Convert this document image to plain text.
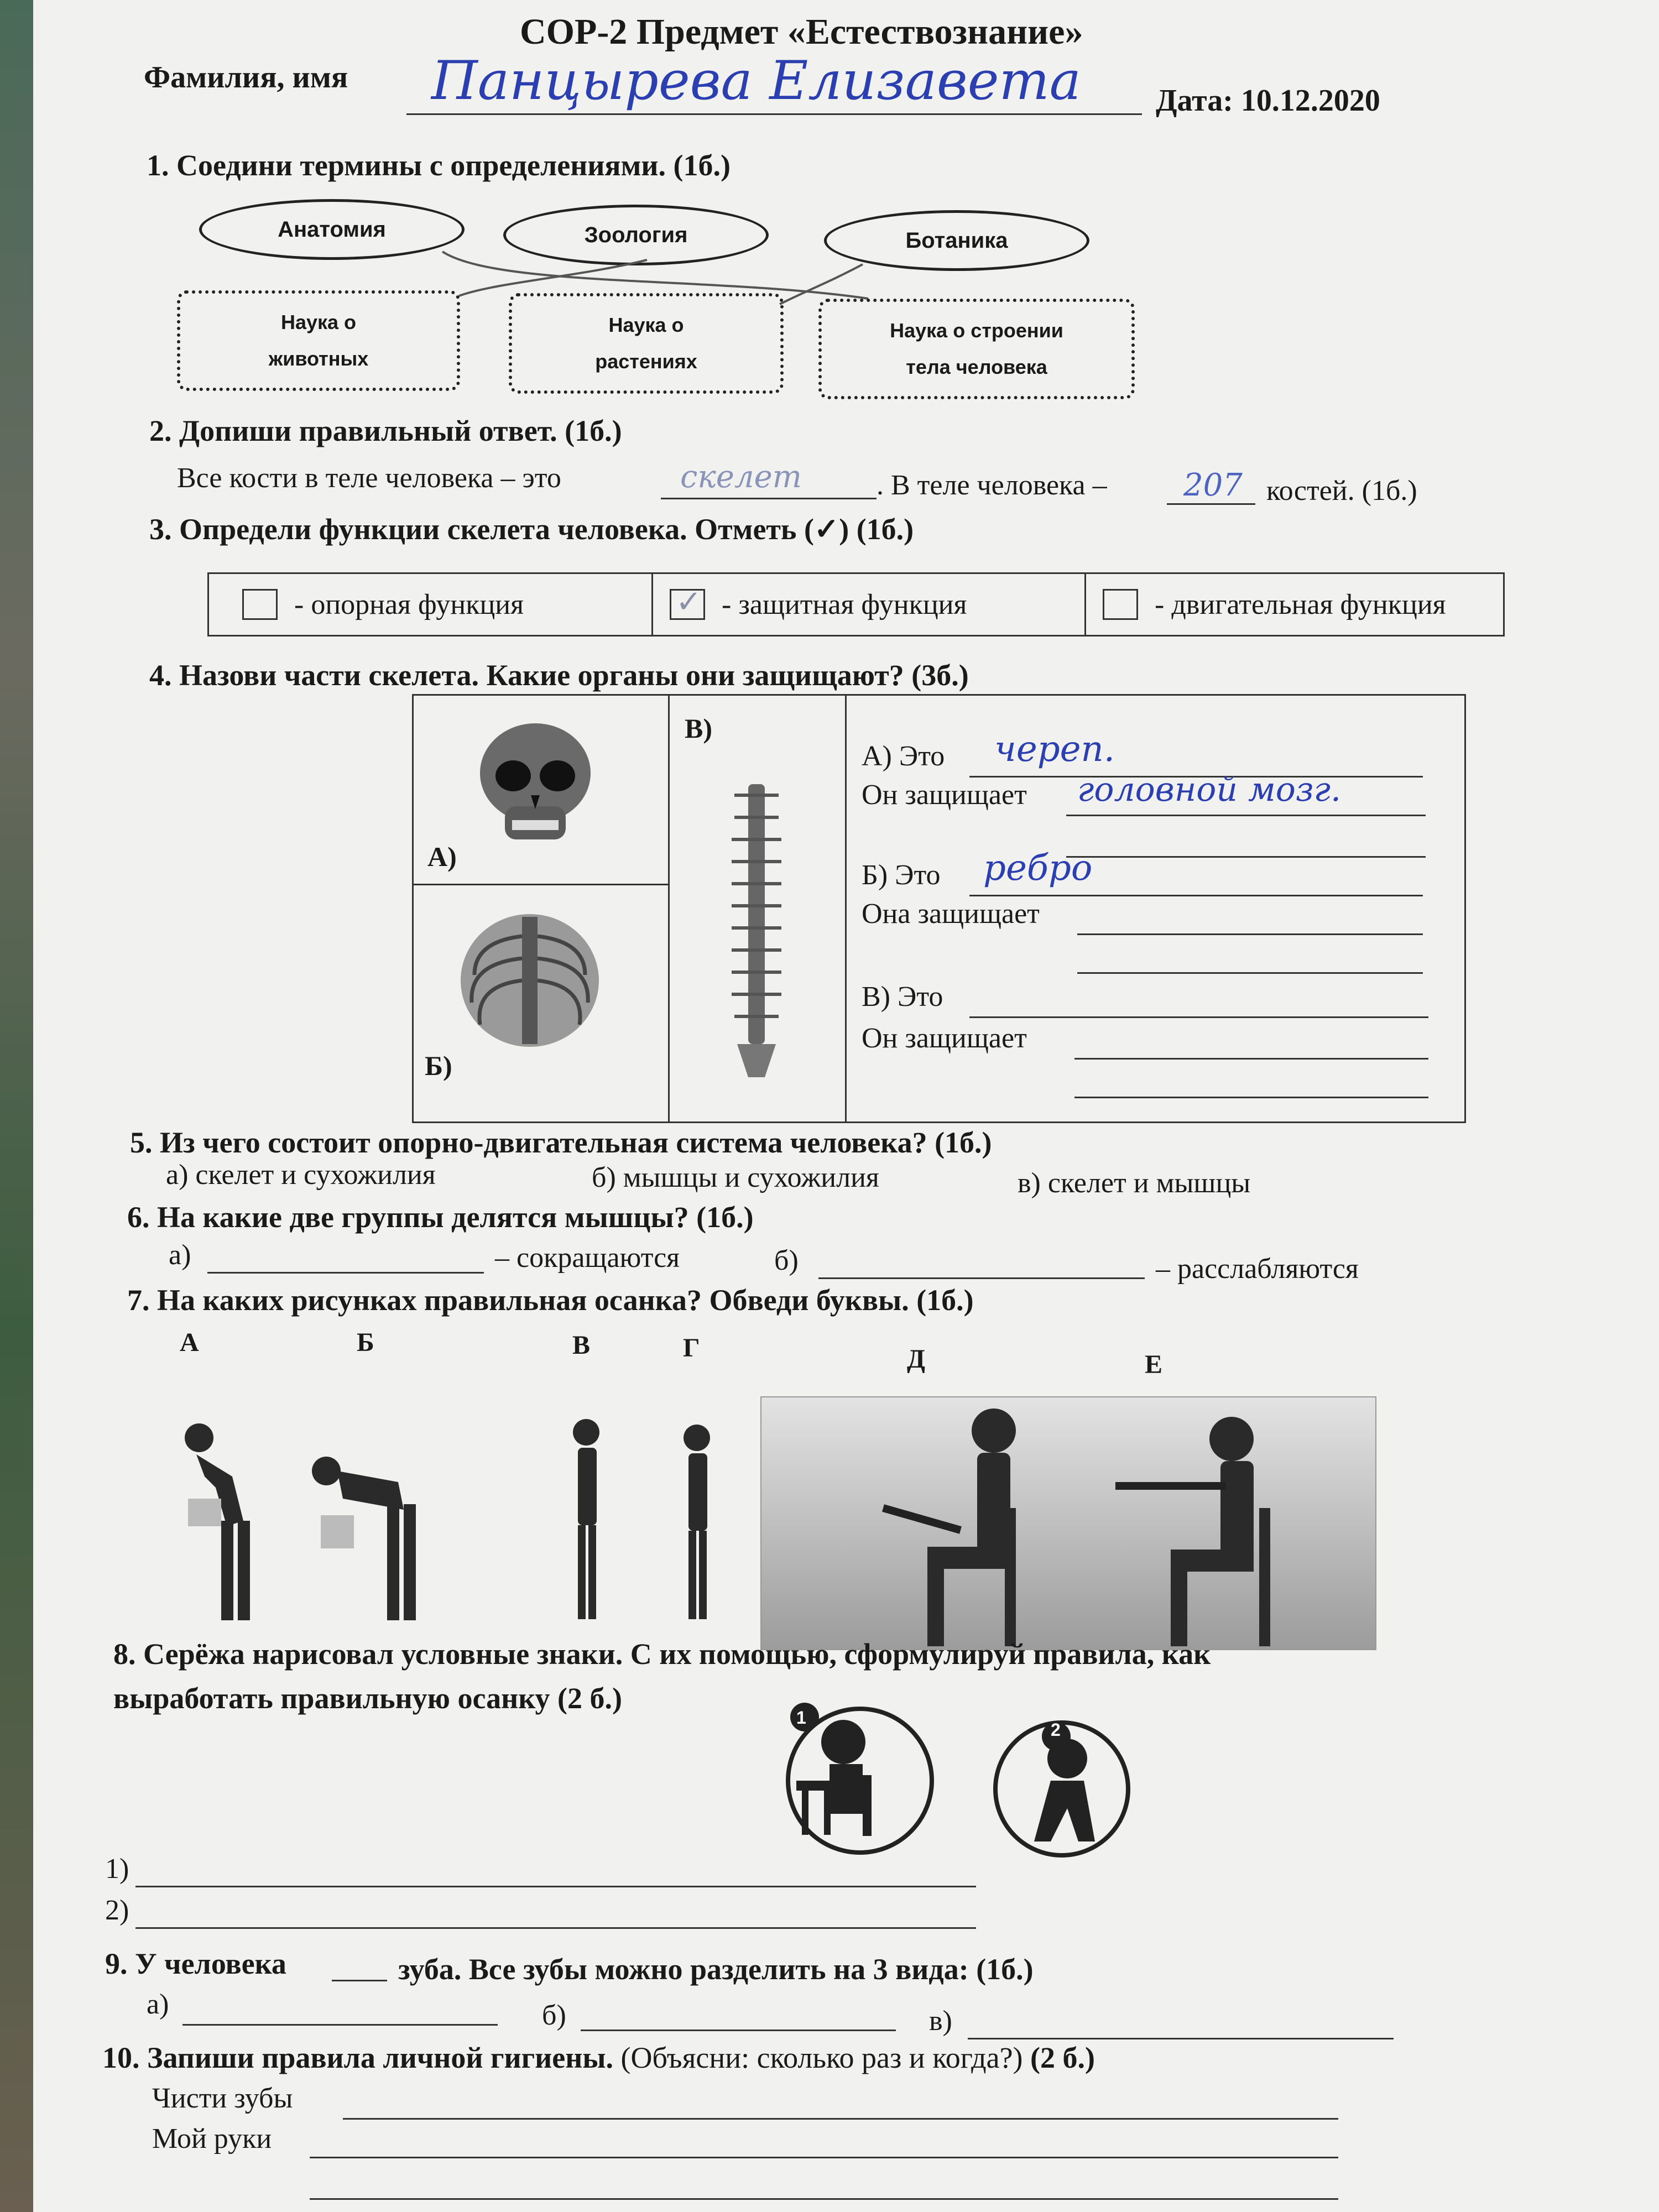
СОР-2 Предмет «Естествознание»
Фамилия, имя Панцырева Елизавета Дата: 10.12.2020
1. Соедини термины с определениями. (1б.)
Анатомия	Зоология	Ботаника
Наука о
животных
Наука о
растениях
Наука о строении
тела человека
2. Допиши правильный ответ. (1б.)
Все кости в теле человека – это	скелет	. В теле человека – 207 костей. (1б.)
3. Определи функции скелета человека. Отметь (✓) (1б.)
- опорная функция	✓ - защитная функция	- двигательная функция
4. Назови части скелета. Какие органы они защищают? (3б.)
А)
Б)
В)
А) Это череп.
Он защищает головной мозг.
Б) Это ребро
Она защищает
В) Это
Он защищает
5. Из чего состоит опорно-двигательная система человека? (1б.)
а) скелет и сухожилия	б) мышцы и сухожилия	в) скелет и мышцы
6. На какие две группы делятся мышцы? (1б.)
а)	– сокращаются	б)	– расслабляются
7. На каких рисунках правильная осанка? Обведи буквы. (1б.)
А	Б	В	Г	Д	Е
8. Серёжа нарисовал условные знаки. С их помощью, сформулируй правила, как
выработать правильную осанку (2 б.)
1
2
1)
2)
9. У человека	зуба. Все зубы можно разделить на 3 вида: (1б.)
а)	б)	в)
10. Запиши правила личной гигиены. (Объясни: сколько раз и когда?) (2 б.)
Чисти зубы
Мой руки
